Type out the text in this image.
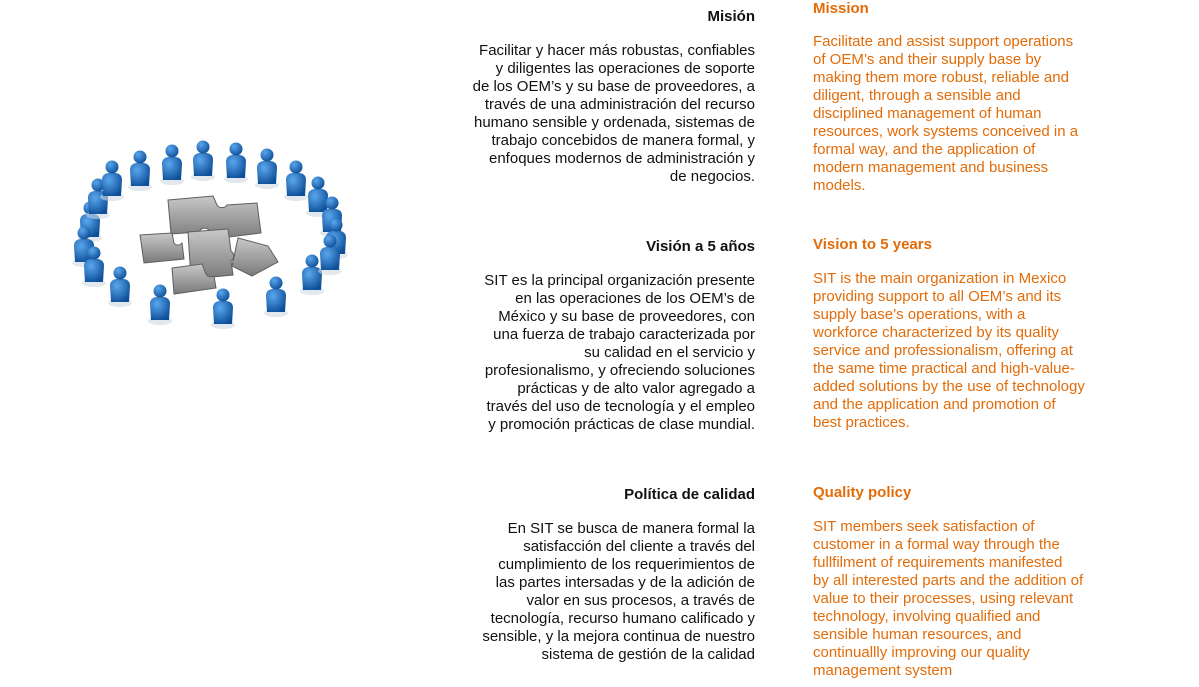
Misión
Facilitar y hacer más robustas, confiables
y diligentes las operaciones de soporte
de los OEM’s y su base de proveedores, a
través de una administración del recurso
humano sensible y ordenada, sistemas de
trabajo concebidos de manera formal, y
enfoques modernos de administración y
de negocios.
Visión a 5 años
SIT es la principal organización presente
en las operaciones de los OEM’s de
México y su base de proveedores, con
una fuerza de trabajo caracterizada por
su calidad en el servicio y
profesionalismo, y ofreciendo soluciones
prácticas y de alto valor agregado a
través del uso de tecnología y el empleo
y promoción prácticas de clase mundial.
Política de calidad
En SIT se busca de manera formal la
satisfacción del cliente a través del
cumplimiento de los requerimientos de
las partes intersadas y de la adición de
valor en sus procesos, a través de
tecnología, recurso humano calificado y
sensible, y la mejora continua de nuestro
sistema de gestión de la calidad
Mission
Facilitate and assist support operations
of OEM’s and their supply base by
making them more robust, reliable and
diligent, through a sensible and
disciplined management of human
resources, work systems conceived in a
formal way, and the application of
modern management and business
models.
Vision to 5 years
SIT is the main organization in Mexico
providing support to all OEM’s and its
supply base’s operations, with a
workforce characterized by its quality
service and professionalism, offering at
the same time practical and high-value-
added solutions by the use of technology
and the application and promotion of
best practices.
Quality policy
SIT members seek satisfaction of
customer in a formal way through the
fullfilment of requirements manifested
by all interested parts and the addition of
value to their processes, using relevant
technology, involving qualified and
sensible human resources, and
continuallly improving our quality
management system
